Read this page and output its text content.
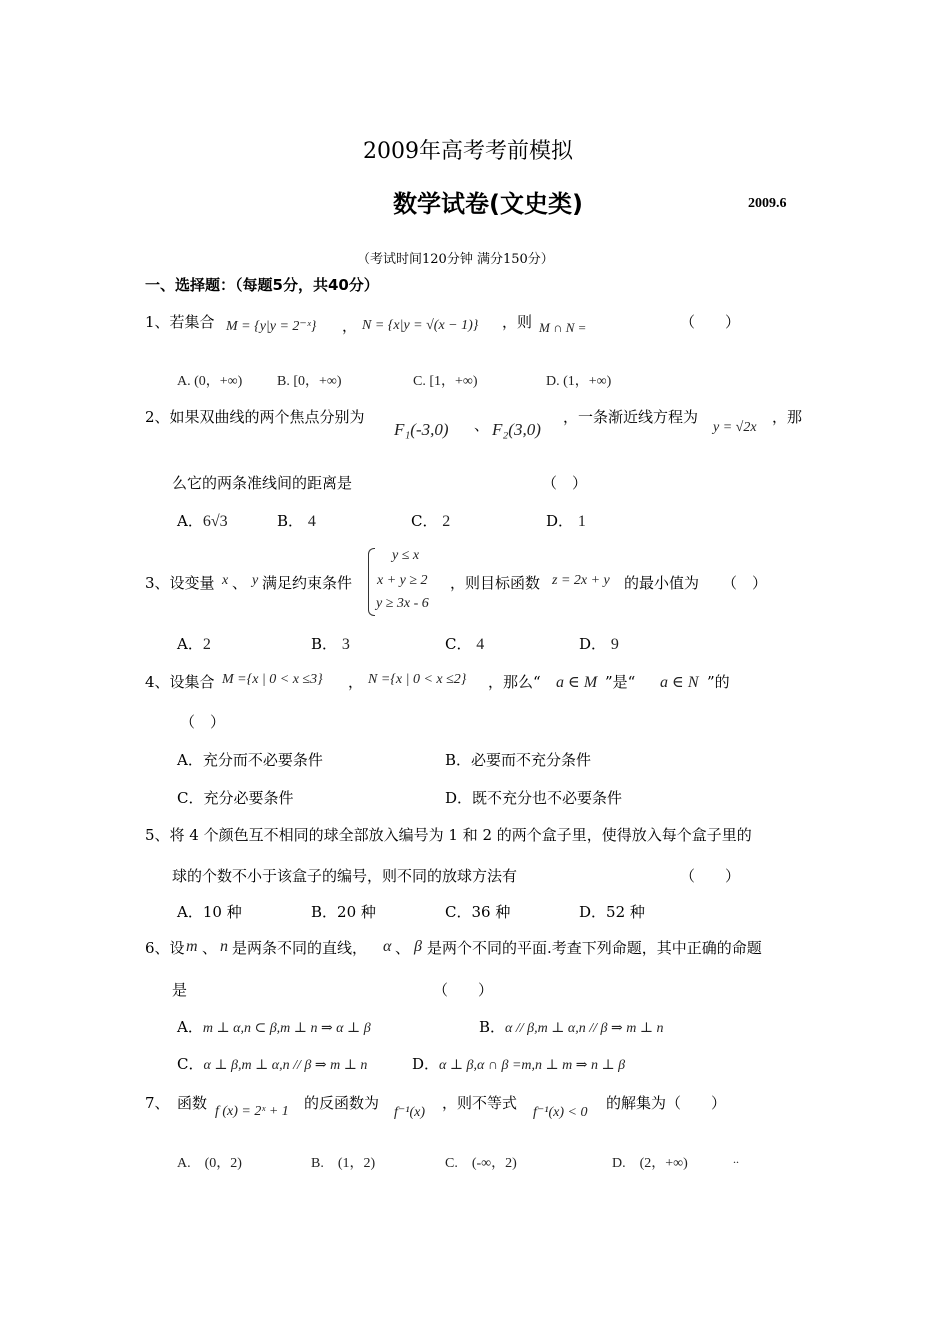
2009年高考考前模拟
数学试卷(文史类)	2009.6
（考试时间120分钟 满分150分）
一、选择题：（每题5分，共40分）
1、若集合 M = {y|y = 2⁻ˣ} ， N = {x|y = √(x − 1)} ，则 M ∩ N =	（　　）
A. (0，+∞) B. [0，+∞)	C. [1，+∞)	D. (1，+∞)
2、如果双曲线的两个焦点分别为
F₁(-3,0) 、 F₂(3,0)
，一条渐近线方程为
y = √2x
，那
么它的两条准线间的距离是	（　）
A．6√3	B． 4	C． 2	D． 1
3、设变量 x 、 y 满足约束条件
y ≤ x
x + y ≥ 2
y ≥ 3x - 6
，则目标函数 z = 2x + y 的最小值为 （　）
A．2	B． 3	C． 4	D． 9
4、设集合 M ={x | 0 < x ≤3} ， N ={x | 0 < x ≤2} ，那么“ a ∈ M ”是“ a ∈ N ”的
（　）
A．充分而不必要条件	B．必要而不充分条件
C．充分必要条件	D．既不充分也不必要条件
5、将 4 个颜色互不相同的球全部放入编号为 1 和 2 的两个盒子里，使得放入每个盒子里的
球的个数不小于该盒子的编号，则不同的放球方法有	（　　）
A．10 种	B．20 种	C．36 种	D．52 种
6、设 m 、 n 是两条不同的直线， α 、 β 是两个不同的平面.考查下列命题，其中正确的命题
是	（　　）
A．m ⊥ α,n ⊂ β,m ⊥ n ⇒ α ⊥ β	B．α // β,m ⊥ α,n // β ⇒ m ⊥ n
C．α ⊥ β,m ⊥ α,n // β ⇒ m ⊥ n	D．α ⊥ β,α ∩ β =m,n ⊥ m ⇒ n ⊥ β
7、　函数 f (x) = 2ˣ + 1 的反函数为
f⁻¹(x)
，则不等式
f⁻¹(x) < 0
的解集为（　　）
A.　(0，2)	B.　(1，2)	C.　(-∞，2)	D.　(2，+∞)	..
